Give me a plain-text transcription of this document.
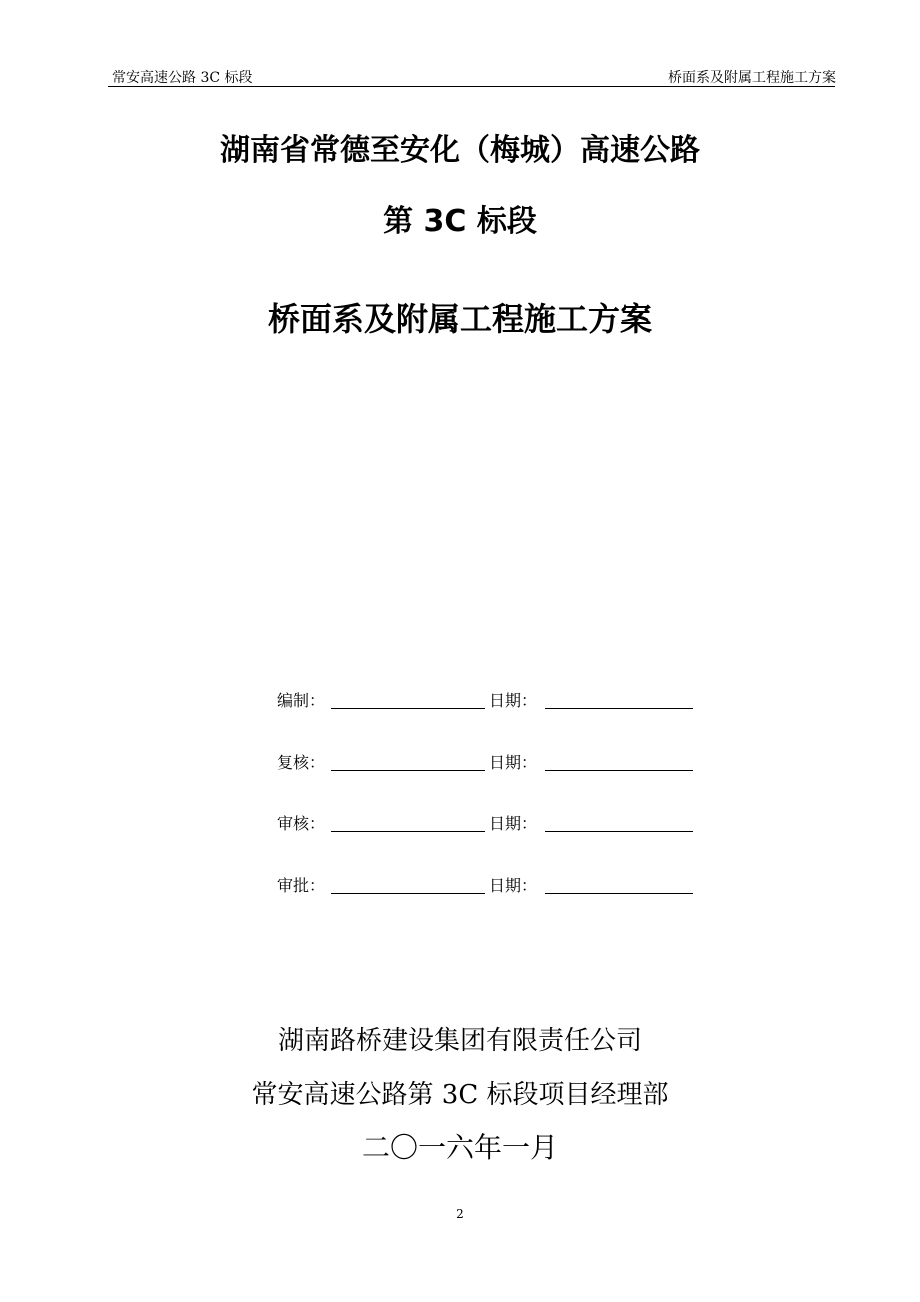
常安高速公路 3C 标段	桥面系及附属工程施工方案
湖南省常德至安化（梅城）高速公路
第 3C 标段
桥面系及附属工程施工方案
编制：	日期：
复核：	日期：
审核：	日期：
审批：	日期：
湖南路桥建设集团有限责任公司
常安高速公路第 3C 标段项目经理部
二〇一六年一月
2
